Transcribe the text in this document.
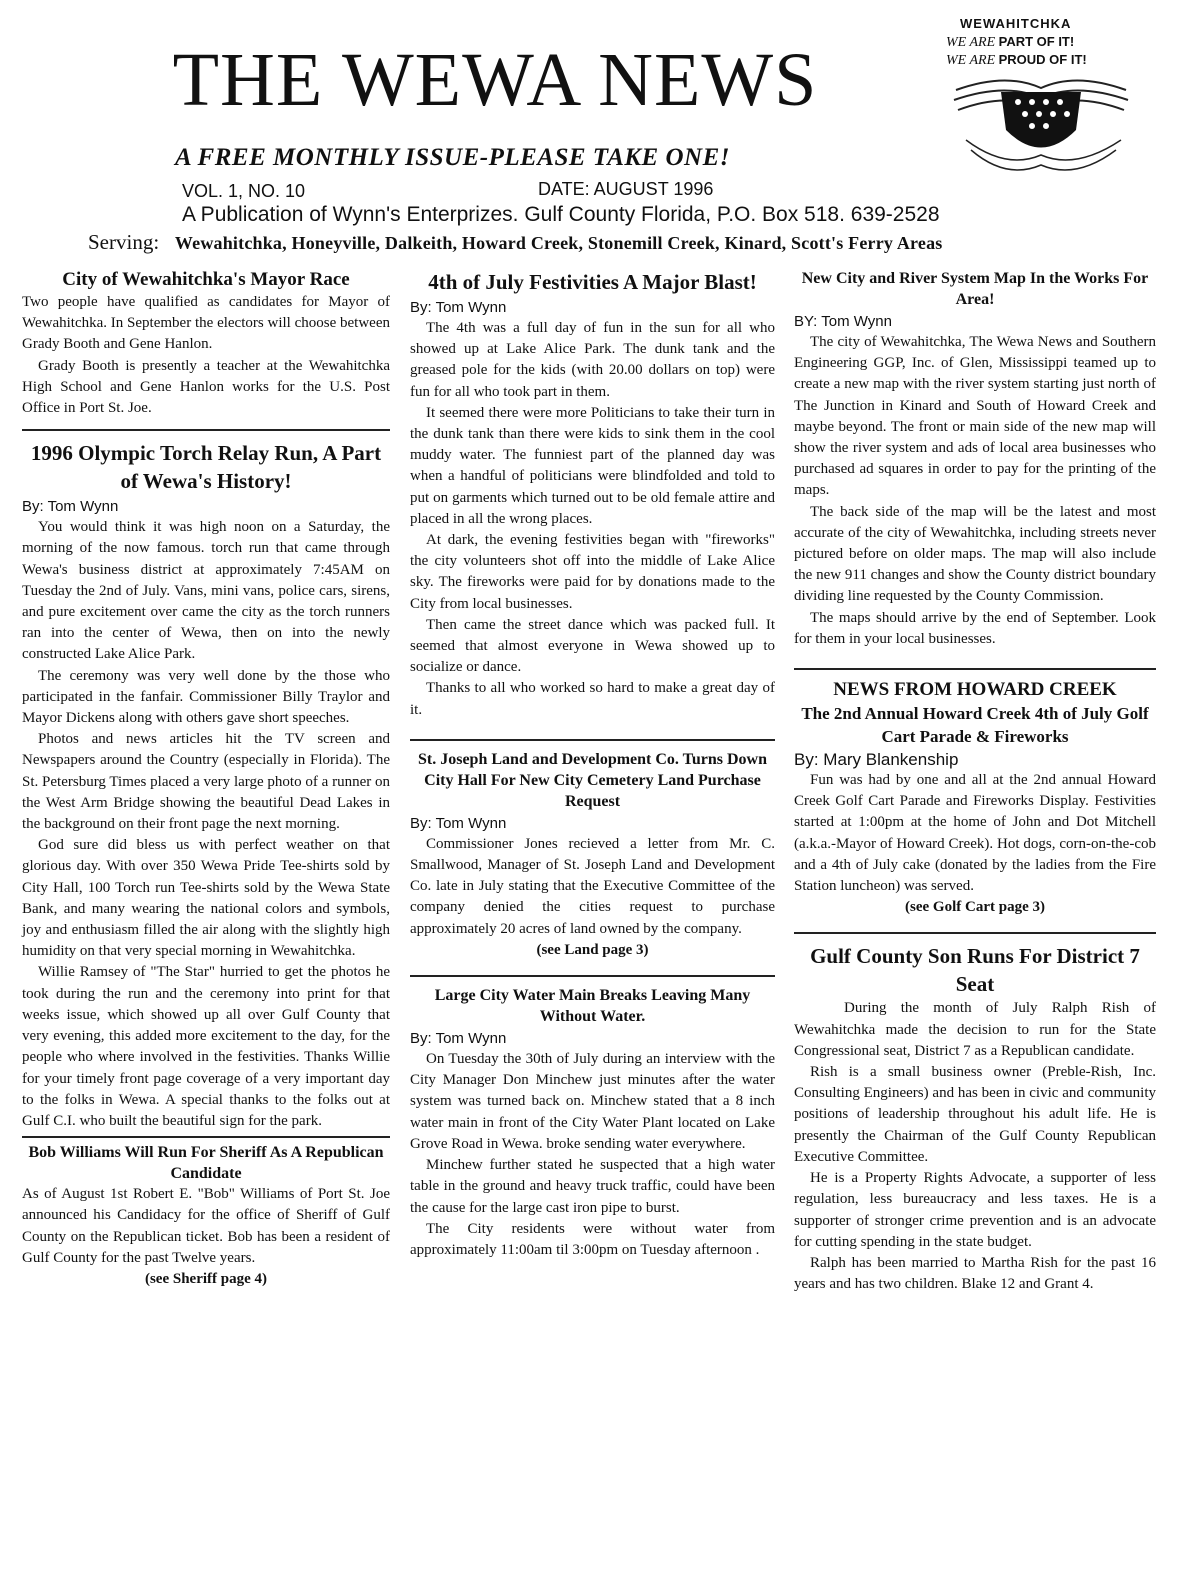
THE WEWA NEWS
WEWAHITCHKA
WE ARE PART OF IT!
WE ARE PROUD OF IT!
A FREE MONTHLY ISSUE-PLEASE TAKE ONE!
VOL. 1, NO. 10	DATE: AUGUST 1996
A Publication of Wynn's Enterprizes. Gulf County Florida, P.O. Box 518. 639-2528
Serving: Wewahitchka, Honeyville, Dalkeith, Howard Creek, Stonemill Creek, Kinard, Scott's Ferry Areas
City of Wewahitchka's Mayor Race

Two people have qualified as candidates for Mayor of Wewahitchka. In September the electors will choose between Grady Booth and Gene Hanlon.

Grady Booth is presently a teacher at the Wewahitchka High School and Gene Hanlon works for the U.S. Post Office in Port St. Joe.

1996 Olympic Torch Relay Run, A Part of Wewa's History!
By: Tom Wynn

You would think it was high noon on a Saturday, the morning of the now famous. torch run that came through Wewa's business district at approximately 7:45AM on Tuesday the 2nd of July. Vans, mini vans, police cars, sirens, and pure excitement over came the city as the torch runners ran into the center of Wewa, then on into the newly constructed Lake Alice Park.

The ceremony was very well done by the those who participated in the fanfair. Commissioner Billy Traylor and Mayor Dickens along with others gave short speeches.

Photos and news articles hit the TV screen and Newspapers around the Country (especially in Florida). The St. Petersburg Times placed a very large photo of a runner on the West Arm Bridge showing the beautiful Dead Lakes in the background on their front page the next morning.

God sure did bless us with perfect weather on that glorious day. With over 350 Wewa Pride Tee-shirts sold by City Hall, 100 Torch run Tee-shirts sold by the Wewa State Bank, and many wearing the national colors and symbols, joy and enthusiasm filled the air along with the slightly high humidity on that very special morning in Wewahitchka.

Willie Ramsey of "The Star" hurried to get the photos he took during the run and the ceremony into print for that weeks issue, which showed up all over Gulf County that very evening, this added more excitement to the day, for the people who where involved in the festivities. Thanks Willie for your timely front page coverage of a very important day to the folks in Wewa. A special thanks to the folks out at Gulf C.I. who built the beautiful sign for the park.

Bob Williams Will Run For Sheriff As A Republican Candidate

As of August 1st Robert E. "Bob" Williams of Port St. Joe announced his Candidacy for the office of Sheriff of Gulf County on the Republican ticket. Bob has been a resident of Gulf County for the past Twelve years.

(see Sheriff page 4)

4th of July Festivities A Major Blast!
By: Tom Wynn

The 4th was a full day of fun in the sun for all who showed up at Lake Alice Park. The dunk tank and the greased pole for the kids (with 20.00 dollars on top) were fun for all who took part in them.

It seemed there were more Politicians to take their turn in the dunk tank than there were kids to sink them in the cool muddy water. The funniest part of the planned day was when a handful of politicians were blindfolded and told to put on garments which turned out to be old female attire and placed in all the wrong places.

At dark, the evening festivities began with "fireworks" the city volunteers shot off into the middle of Lake Alice sky. The fireworks were paid for by donations made to the City from local businesses.

Then came the street dance which was packed full. It seemed that almost everyone in Wewa showed up to socialize or dance.

Thanks to all who worked so hard to make a great day of it.

St. Joseph Land and Development Co. Turns Down City Hall For New City Cemetery Land Purchase Request
By: Tom Wynn

Commissioner Jones recieved a letter from Mr. C. Smallwood, Manager of St. Joseph Land and Development Co. late in July stating that the Executive Committee of the company denied the cities request to purchase approximately 20 acres of land owned by the company.

(see Land page 3)

Large City Water Main Breaks Leaving Many Without Water.
By: Tom Wynn

On Tuesday the 30th of July during an interview with the City Manager Don Minchew just minutes after the water system was turned back on. Minchew stated that a 8 inch water main in front of the City Water Plant located on Lake Grove Road in Wewa. broke sending water everywhere.

Minchew further stated he suspected that a high water table in the ground and heavy truck traffic, could have been the cause for the large cast iron pipe to burst.

The City residents were without water from approximately 11:00am til 3:00pm on Tuesday afternoon .

New City and River System Map In the Works For Area!
BY: Tom Wynn

The city of Wewahitchka, The Wewa News and Southern Engineering GGP, Inc. of Glen, Mississippi teamed up to create a new map with the river system starting just north of The Junction in Kinard and South of Howard Creek and maybe beyond. The front or main side of the new map will show the river system and ads of local area businesses who purchased ad squares in order to pay for the printing of the maps.

The back side of the map will be the latest and most accurate of the city of Wewahitchka, including streets never pictured before on older maps. The map will also include the new 911 changes and show the County district boundary dividing line requested by the County Commission.

The maps should arrive by the end of September. Look for them in your local businesses.

NEWS FROM HOWARD CREEK
The 2nd Annual Howard Creek 4th of July Golf Cart Parade & Fireworks
By: Mary Blankenship

Fun was had by one and all at the 2nd annual Howard Creek Golf Cart Parade and Fireworks Display. Festivities started at 1:00pm at the home of John and Dot Mitchell (a.k.a.-Mayor of Howard Creek). Hot dogs, corn-on-the-cob and a 4th of July cake (donated by the ladies from the Fire Station luncheon) was served.

(see Golf Cart page 3)

Gulf County Son Runs For District 7 Seat

During the month of July Ralph Rish of Wewahitchka made the decision to run for the State Congressional seat, District 7 as a Republican candidate.

Rish is a small business owner (Preble-Rish, Inc. Consulting Engineers) and has been in civic and community positions of leadership throughout his adult life. He is presently the Chairman of the Gulf County Republican Executive Committee.

He is a Property Rights Advocate, a supporter of less regulation, less bureaucracy and less taxes. He is a supporter of stronger crime prevention and is an advocate for cutting spending in the state budget.

Ralph has been married to Martha Rish for the past 16 years and has two children. Blake 12 and Grant 4.
